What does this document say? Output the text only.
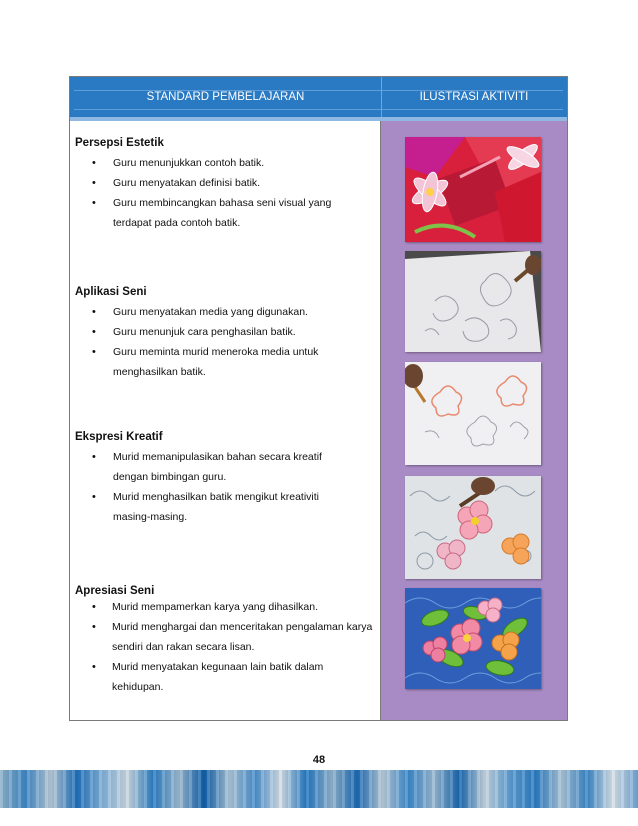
STANDARD PEMBELAJARAN	ILUSTRASI AKTIVITI
Persepsi Estetik
• Guru menunjukkan contoh batik.
• Guru menyatakan definisi batik.
• Guru membincangkan bahasa seni visual yang terdapat pada contoh batik.
Aplikasi Seni
• Guru menyatakan media yang digunakan.
• Guru menunjuk cara penghasilan batik.
• Guru meminta murid meneroka media untuk menghasilkan batik.
Ekspresi Kreatif
• Murid memanipulasikan bahan secara kreatif dengan bimbingan guru.
• Murid menghasilkan batik mengikut kreativiti masing-masing.
Apresiasi Seni
• Murid mempamerkan karya yang dihasilkan.
• Murid menghargai dan menceritakan pengalaman karya sendiri dan rakan secara lisan.
• Murid menyatakan kegunaan lain batik dalam kehidupan.
48
